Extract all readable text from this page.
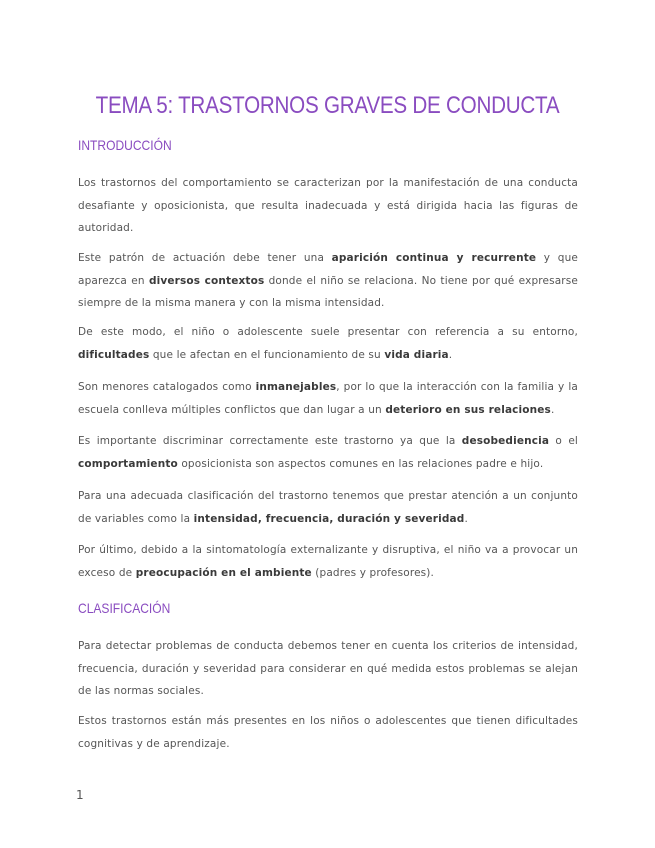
TEMA 5: TRASTORNOS GRAVES DE CONDUCTA
INTRODUCCIÓN

Los trastornos del comportamiento se caracterizan por la manifestación de una conducta desafiante y oposicionista, que resulta inadecuada y está dirigida hacia las figuras de autoridad.

Este patrón de actuación debe tener una aparición continua y recurrente y que aparezca en diversos contextos donde el niño se relaciona. No tiene por qué expresarse siempre de la misma manera y con la misma intensidad.

De este modo, el niño o adolescente suele presentar con referencia a su entorno, dificultades que le afectan en el funcionamiento de su vida diaria.

Son menores catalogados como inmanejables, por lo que la interacción con la familia y la escuela conlleva múltiples conflictos que dan lugar a un deterioro en sus relaciones.

Es importante discriminar correctamente este trastorno ya que la desobediencia o el comportamiento oposicionista son aspectos comunes en las relaciones padre e hijo.

Para una adecuada clasificación del trastorno tenemos que prestar atención a un conjunto de variables como la intensidad, frecuencia, duración y severidad.

Por último, debido a la sintomatología externalizante y disruptiva, el niño va a provocar un exceso de preocupación en el ambiente (padres y profesores).

CLASIFICACIÓN

Para detectar problemas de conducta debemos tener en cuenta los criterios de intensidad, frecuencia, duración y severidad para considerar en qué medida estos problemas se alejan de las normas sociales.

Estos trastornos están más presentes en los niños o adolescentes que tienen dificultades cognitivas y de aprendizaje.

1
